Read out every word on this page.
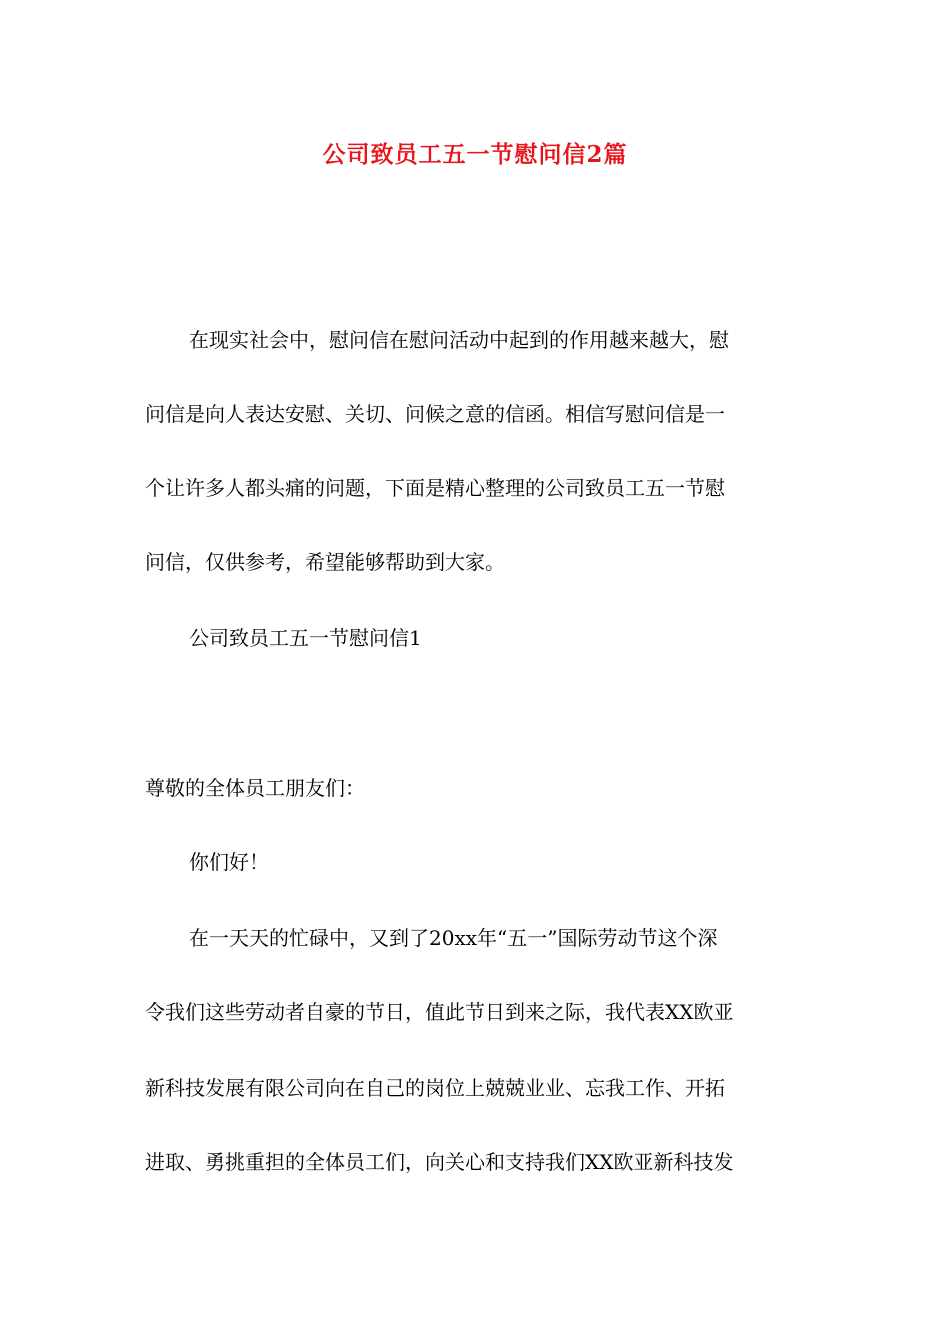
公司致员工五一节慰问信2篇

在现实社会中，慰问信在慰问活动中起到的作用越来越大，慰

问信是向人表达安慰、关切、问候之意的信函。相信写慰问信是一

个让许多人都头痛的问题，下面是精心整理的公司致员工五一节慰

问信，仅供参考，希望能够帮助到大家。

公司致员工五一节慰问信1

尊敬的全体员工朋友们：

你们好！

在一天天的忙碌中，又到了20xx年“五一”国际劳动节这个深

令我们这些劳动者自豪的节日，值此节日到来之际，我代表XX欧亚

新科技发展有限公司向在自己的岗位上兢兢业业、忘我工作、开拓

进取、勇挑重担的全体员工们，向关心和支持我们XX欧亚新科技发
